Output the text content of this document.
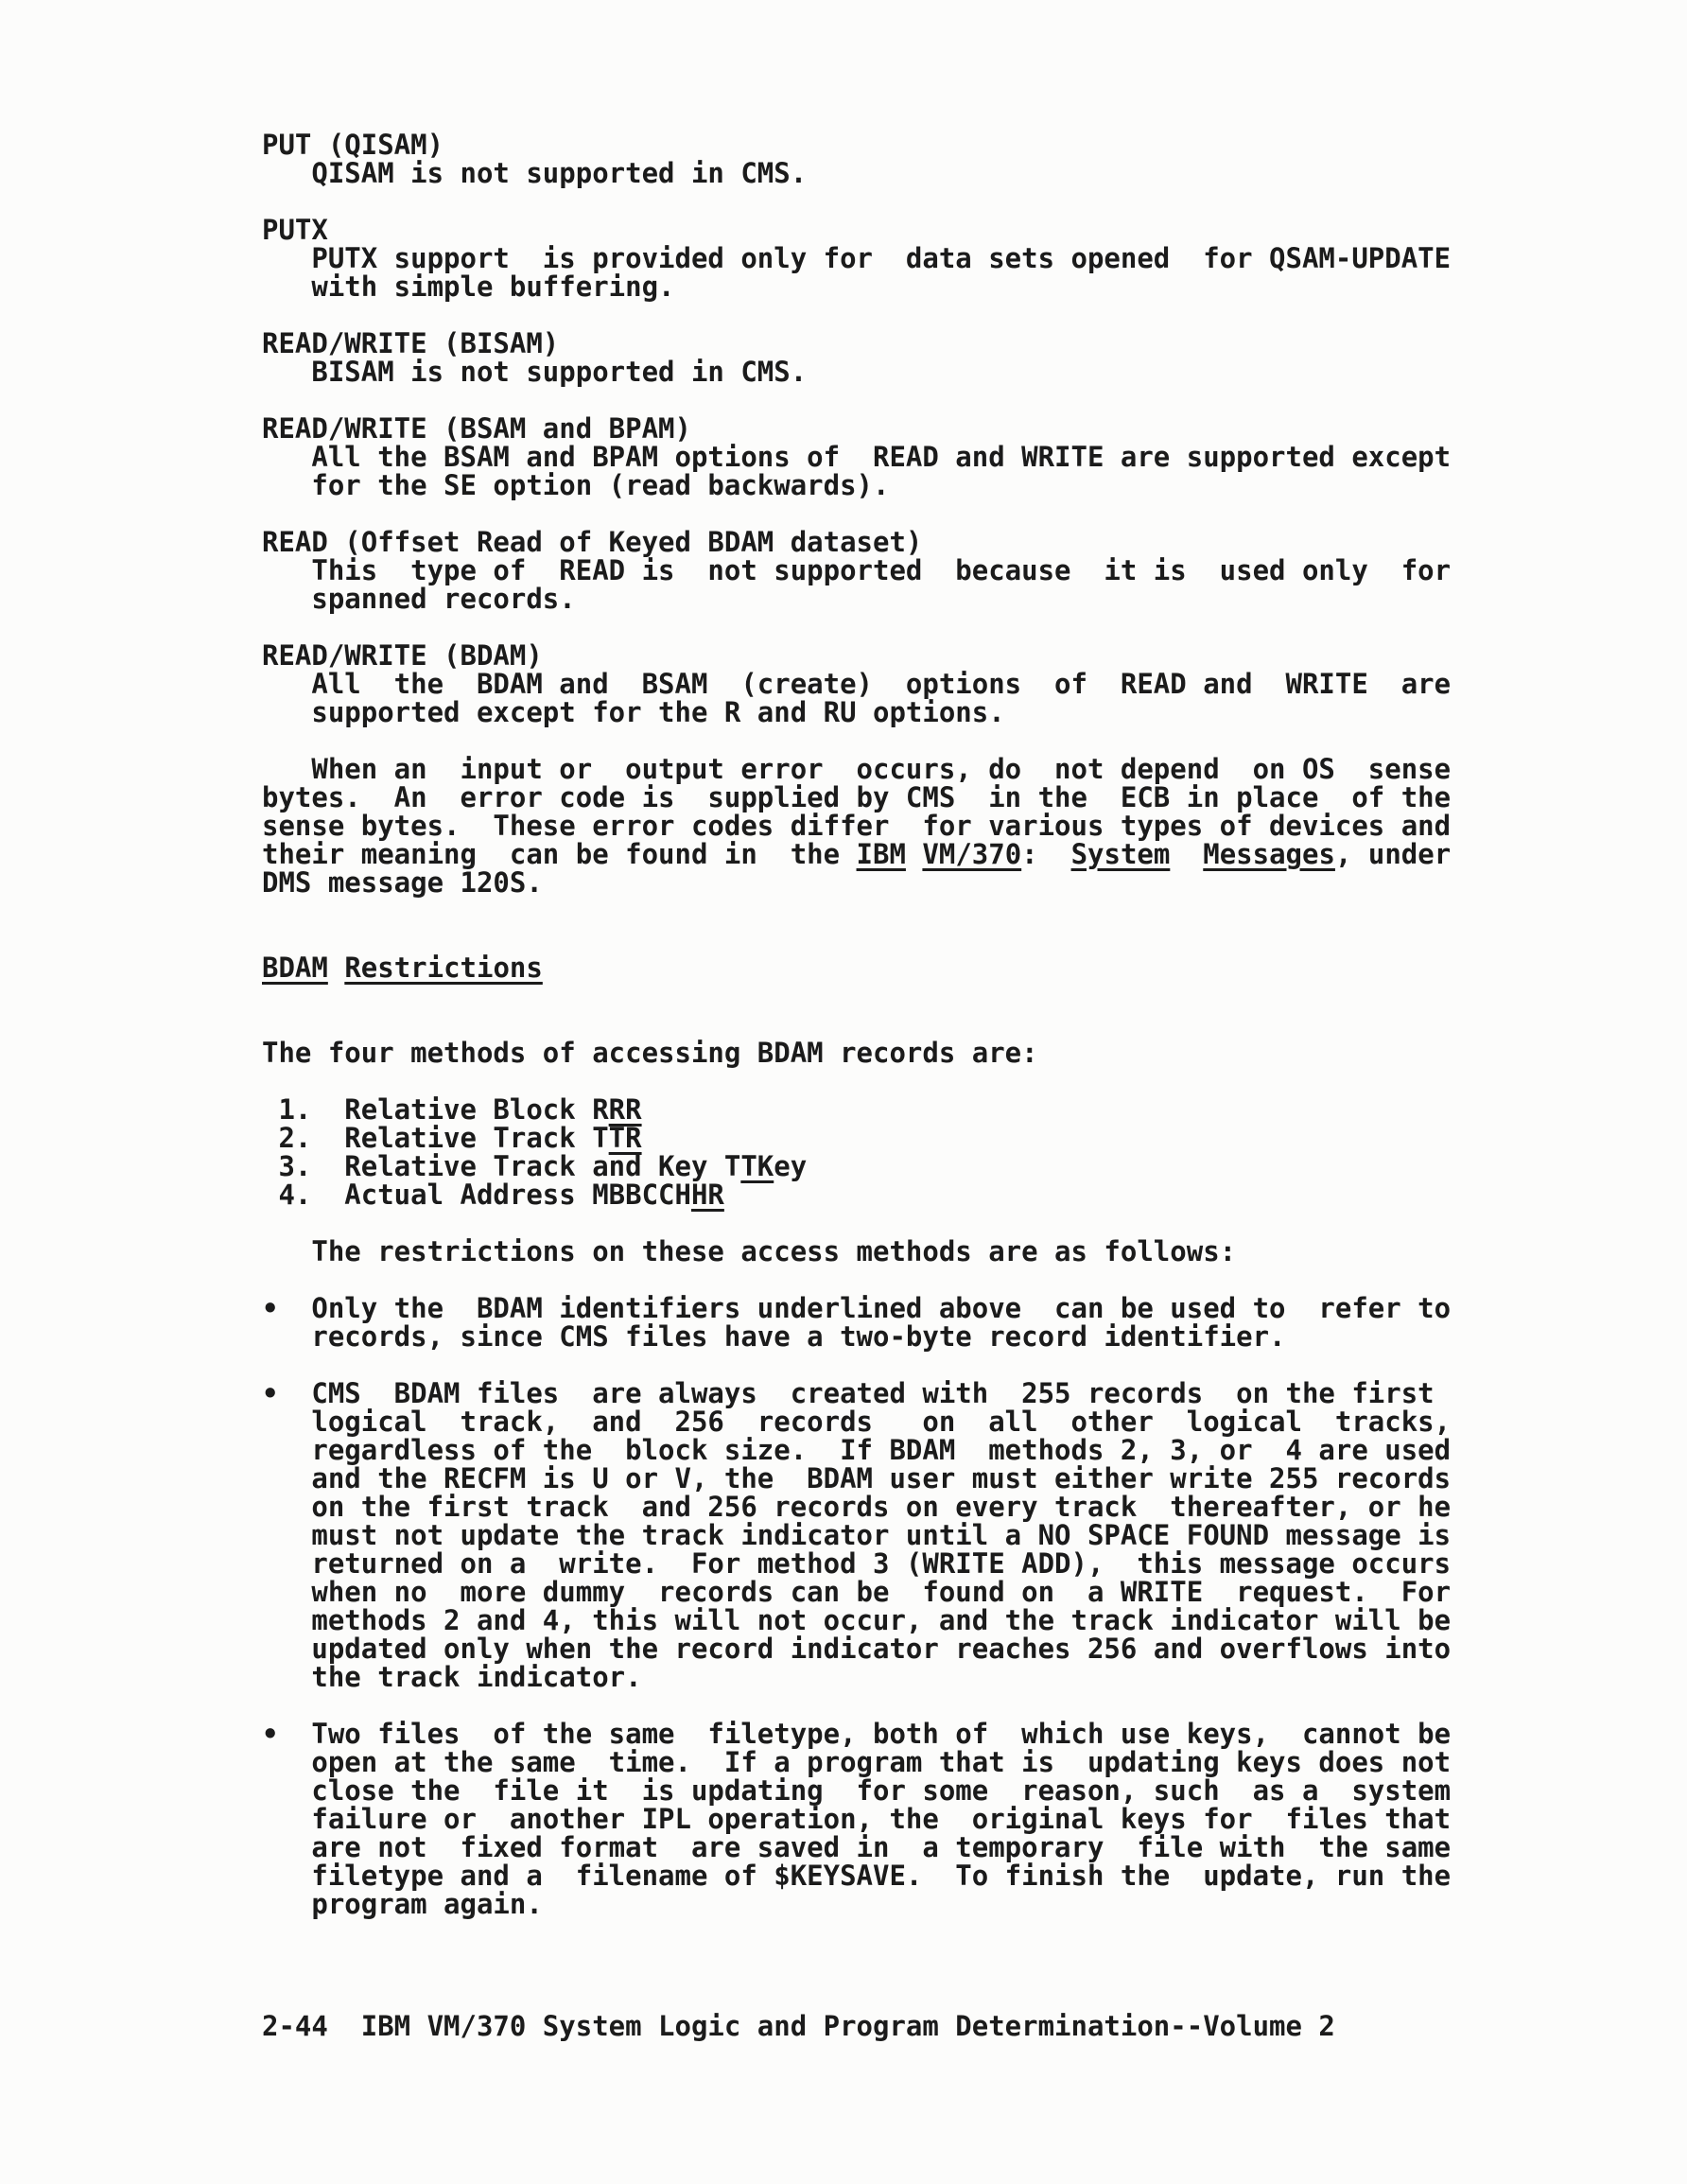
PUT (QISAM)
QISAM is not supported in CMS.
PUTX
PUTX support  is provided only for  data sets opened  for QSAM-UPDATE
with simple buffering.
READ/WRITE (BISAM)
BISAM is not supported in CMS.
READ/WRITE (BSAM and BPAM)
All the BSAM and BPAM options of  READ and WRITE are supported except
for the SE option (read backwards).
READ (Offset Read of Keyed BDAM dataset)
This  type of  READ is  not supported  because  it is  used only  for
spanned records.
READ/WRITE (BDAM)
All  the  BDAM and  BSAM  (create)  options  of  READ and  WRITE  are
supported except for the R and RU options.
When an  input or  output error  occurs, do  not depend  on OS  sense
bytes.  An  error code is  supplied by CMS  in the  ECB in place  of the
sense bytes.  These error codes differ  for various types of devices and
their meaning  can be found in  the IBM VM/370:  System Messages, under
DMS message 120S.
BDAM Restrictions
The four methods of accessing BDAM records are:
1.  Relative Block RRR
2.  Relative Track TTR
3.  Relative Track and Key TTKey
4.  Actual Address MBBCCHHR
The restrictions on these access methods are as follows:
•  Only the  BDAM identifiers underlined above  can be used to  refer to
records, since CMS files have a two-byte record identifier.
•  CMS  BDAM files  are always  created with  255 records  on the first
logical  track,  and  256  records   on  all  other  logical  tracks,
regardless of the  block size.  If BDAM  methods 2, 3, or  4 are used
and the RECFM is U or V, the  BDAM user must either write 255 records
on the first track  and 256 records on every track  thereafter, or he
must not update the track indicator until a NO SPACE FOUND message is
returned on a  write.  For method 3 (WRITE ADD),  this message occurs
when no  more dummy  records can be  found on  a WRITE  request.  For
methods 2 and 4, this will not occur, and the track indicator will be
updated only when the record indicator reaches 256 and overflows into
the track indicator.
•  Two files  of the same  filetype, both of  which use keys,  cannot be
open at the same  time.  If a program that is  updating keys does not
close the  file it  is updating  for some  reason, such  as a  system
failure or  another IPL operation, the  original keys for  files that
are not  fixed format  are saved in  a temporary  file with  the same
filetype and a  filename of $KEYSAVE.  To finish the  update, run the
program again.
2-44  IBM VM/370 System Logic and Program Determination--Volume 2
